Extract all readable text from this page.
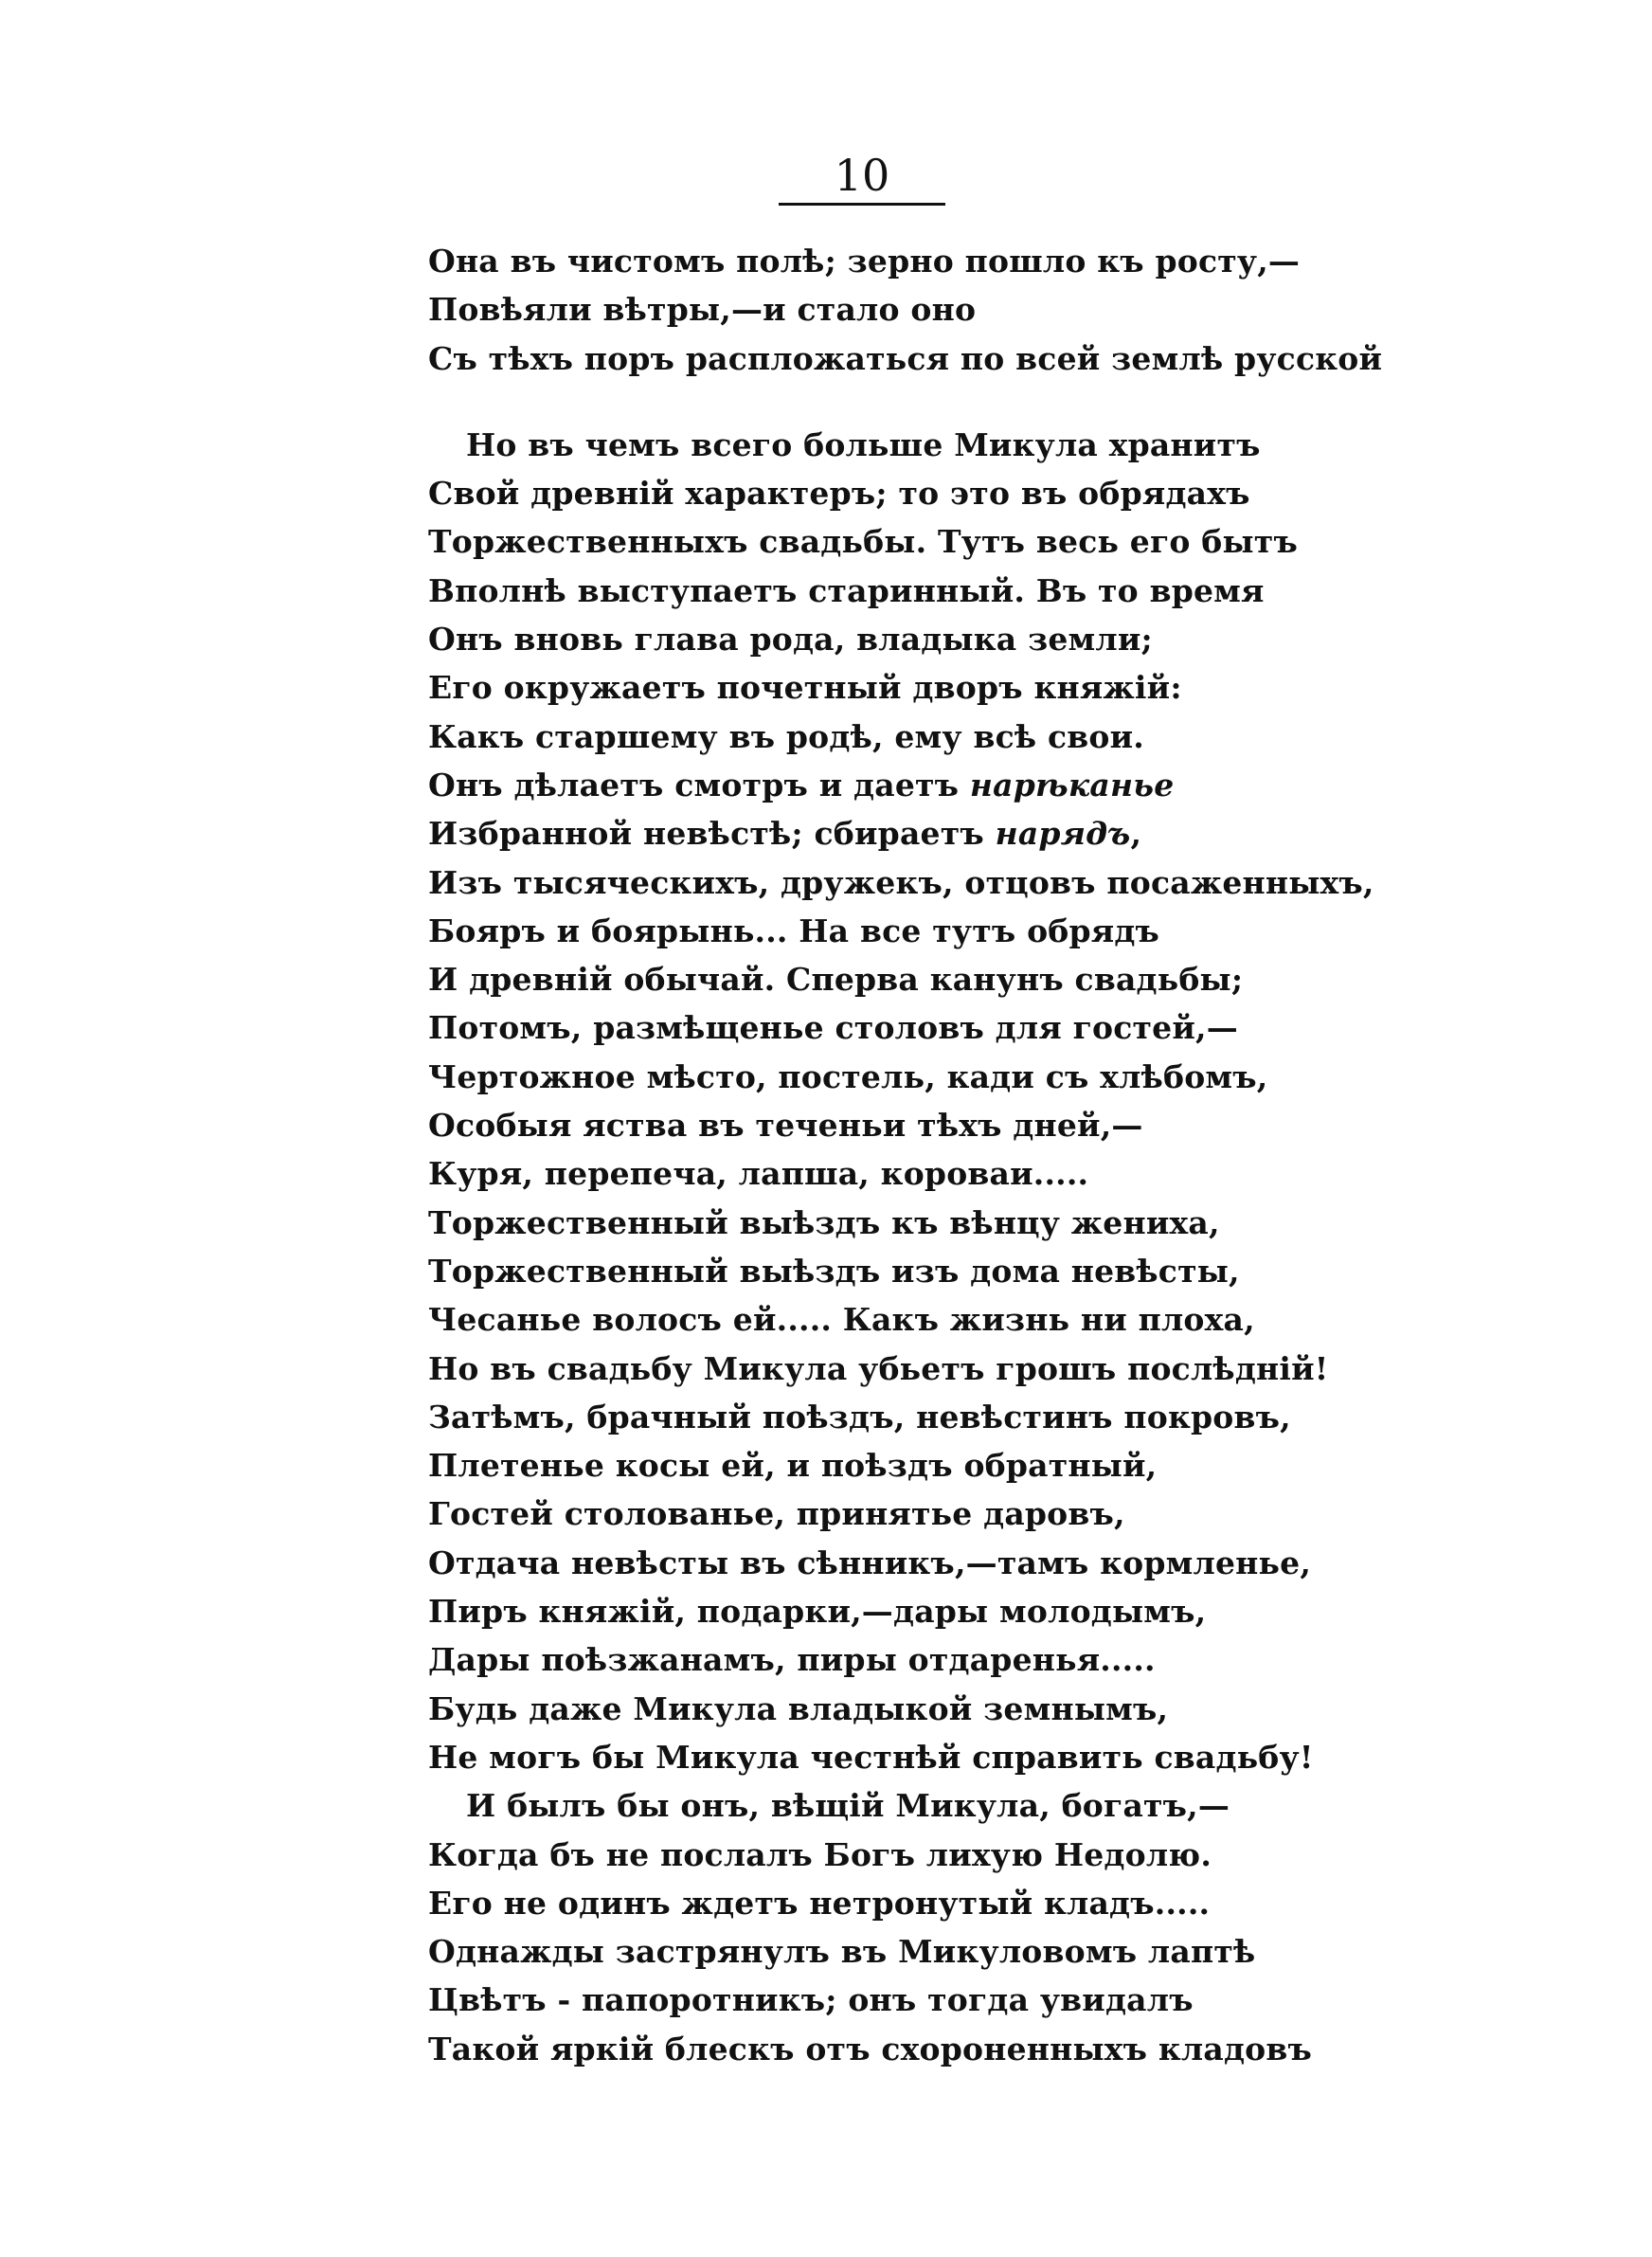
10
Она въ чистомъ полѣ; зерно пошло къ росту,—
Повѣяли вѣтры,—и стало оно
Съ тѣхъ поръ распложаться по всей землѣ русской
Но въ чемъ всего больше Микула хранитъ
Свой древній характеръ; то это въ обрядахъ
Торжественныхъ свадьбы. Тутъ весь его бытъ
Вполнѣ выступаетъ старинный. Въ то время
Онъ вновь глава рода, владыка земли;
Его окружаетъ почетный дворъ княжій:
Какъ старшему въ родѣ, ему всѣ свои.
Онъ дѣлаетъ смотръ и даетъ нарѣканье
Избранной невѣстѣ; сбираетъ нарядъ,
Изъ тысяческихъ, дружекъ, отцовъ посаженныхъ,
Бояръ и боярынь... На все тутъ обрядъ
И древній обычай. Сперва канунъ свадьбы;
Потомъ, размѣщенье столовъ для гостей,—
Чертожное мѣсто, постель, кади съ хлѣбомъ,
Особыя яства въ теченьи тѣхъ дней,—
Куря, перепеча, лапша, короваи.....
Торжественный выѣздъ къ вѣнцу жениха,
Торжественный выѣздъ изъ дома невѣсты,
Чесанье волосъ ей..... Какъ жизнь ни плоха,
Но въ свадьбу Микула убьетъ грошъ послѣдній!
Затѣмъ, брачный поѣздъ, невѣстинъ покровъ,
Плетенье косы ей, и поѣздъ обратный,
Гостей столованье, принятье даровъ,
Отдача невѣсты въ сѣнникъ,—тамъ кормленье,
Пиръ княжій, подарки,—дары молодымъ,
Дары поѣзжанамъ, пиры отдаренья.....
Будь даже Микула владыкой земнымъ,
Не могъ бы Микула честнѣй справить свадьбу!
И былъ бы онъ, вѣщій Микула, богатъ,—
Когда бъ не послалъ Богъ лихую Недолю.
Его не одинъ ждетъ нетронутый кладъ.....
Однажды застрянулъ въ Микуловомъ лаптѣ
Цвѣтъ - папоротникъ; онъ тогда увидалъ
Такой яркій блескъ отъ схороненныхъ кладовъ
